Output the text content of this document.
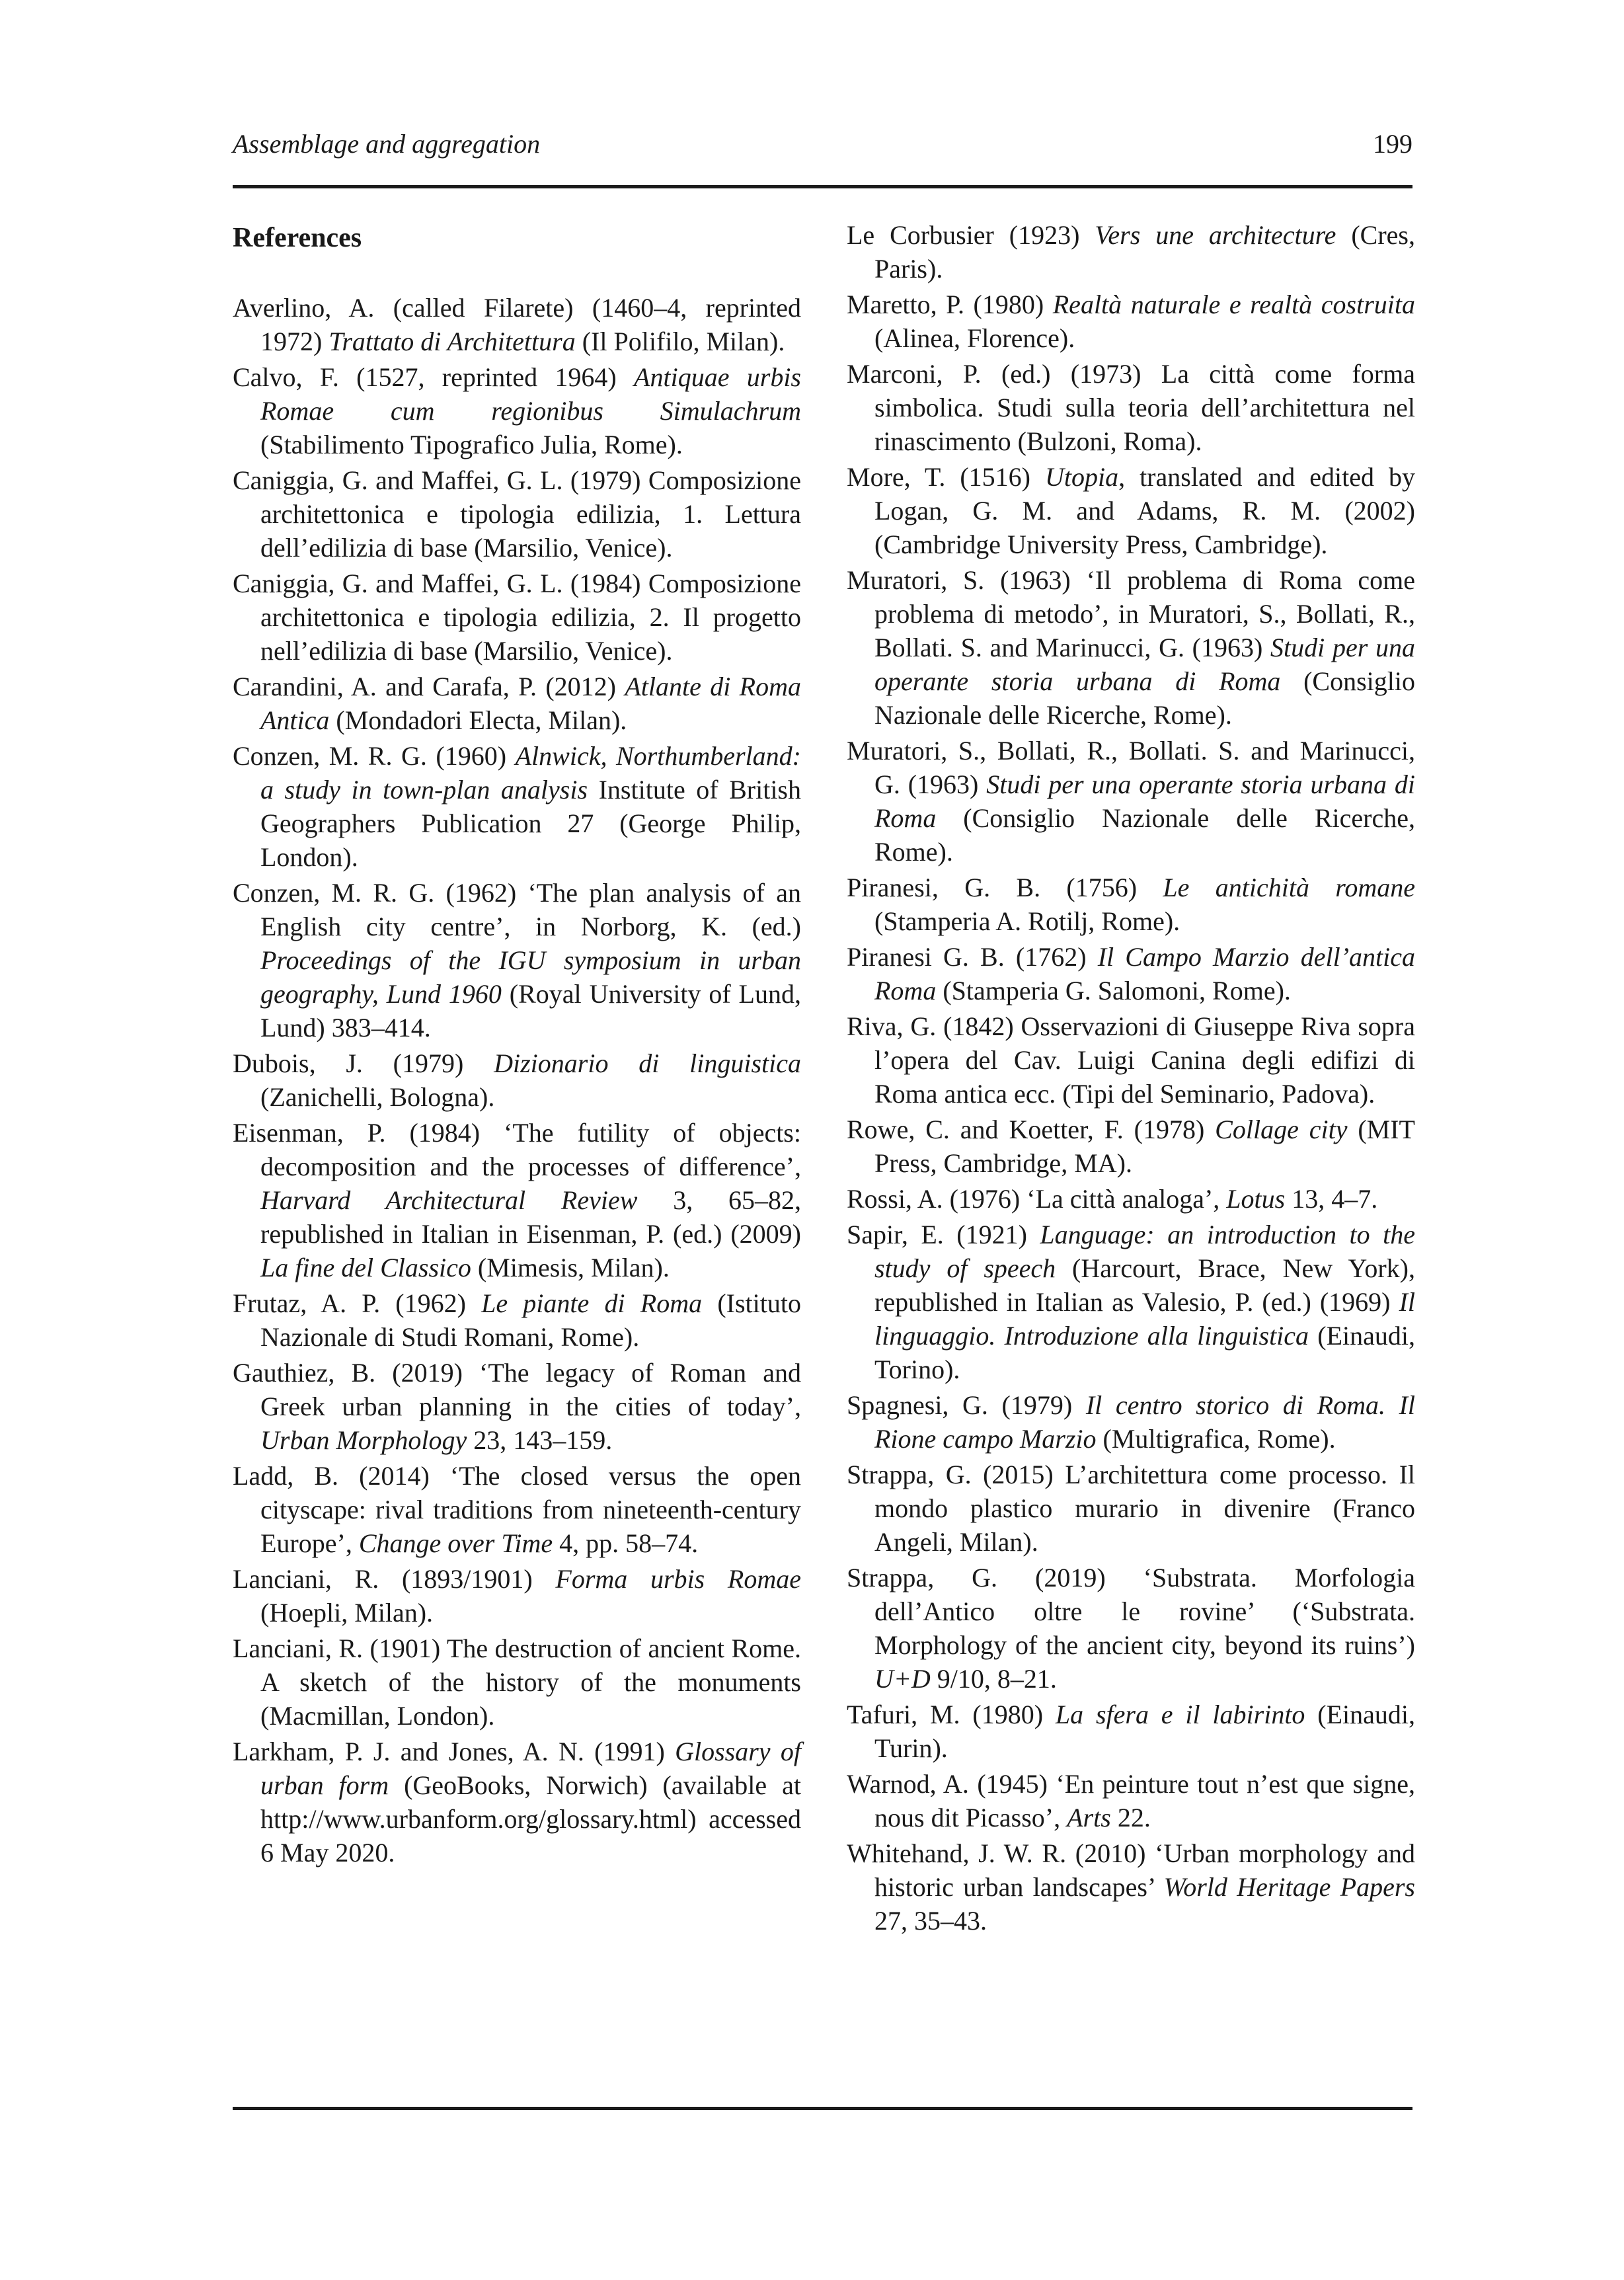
Assemblage and aggregation	199
References
Averlino, A. (called Filarete) (1460–4, reprinted 1972) Trattato di Architettura (Il Polifilo, Milan).
Calvo, F. (1527, reprinted 1964) Antiquae urbis Romae cum regionibus Simulachrum (Stabilimento Tipografico Julia, Rome).
Caniggia, G. and Maffei, G. L. (1979) Composizione architettonica e tipologia edilizia, 1. Lettura dell’edilizia di base (Marsilio, Venice).
Caniggia, G. and Maffei, G. L. (1984) Composizione architettonica e tipologia edilizia, 2. Il progetto nell’edilizia di base (Marsilio, Venice).
Carandini, A. and Carafa, P. (2012) Atlante di Roma Antica (Mondadori Electa, Milan).
Conzen, M. R. G. (1960) Alnwick, Northumberland: a study in town-plan analysis Institute of British Geographers Publication 27 (George Philip, London).
Conzen, M. R. G. (1962) ‘The plan analysis of an English city centre’, in Norborg, K. (ed.) Proceedings of the IGU symposium in urban geography, Lund 1960 (Royal University of Lund, Lund) 383–414.
Dubois, J. (1979) Dizionario di linguistica (Zanichelli, Bologna).
Eisenman, P. (1984) ‘The futility of objects: decomposition and the processes of difference’, Harvard Architectural Review 3, 65–82, republished in Italian in Eisenman, P. (ed.) (2009) La fine del Classico (Mimesis, Milan).
Frutaz, A. P. (1962) Le piante di Roma (Istituto Nazionale di Studi Romani, Rome).
Gauthiez, B. (2019) ‘The legacy of Roman and Greek urban planning in the cities of today’, Urban Morphology 23, 143–159.
Ladd, B. (2014) ‘The closed versus the open cityscape: rival traditions from nineteenth-century Europe’, Change over Time 4, pp. 58–74.
Lanciani, R. (1893/1901) Forma urbis Romae (Hoepli, Milan).
Lanciani, R. (1901) The destruction of ancient Rome. A sketch of the history of the monuments (Macmillan, London).
Larkham, P. J. and Jones, A. N. (1991) Glossary of urban form (GeoBooks, Norwich) (available at http://www.urbanform.org/glossary.html) accessed 6 May 2020.
Le Corbusier (1923) Vers une architecture (Cres, Paris).
Maretto, P. (1980) Realtà naturale e realtà costruita (Alinea, Florence).
Marconi, P. (ed.) (1973) La città come forma simbolica. Studi sulla teoria dell’architettura nel rinascimento (Bulzoni, Roma).
More, T. (1516) Utopia, translated and edited by Logan, G. M. and Adams, R. M. (2002) (Cambridge University Press, Cambridge).
Muratori, S. (1963) ‘Il problema di Roma come problema di metodo’, in Muratori, S., Bollati, R., Bollati. S. and Marinucci, G. (1963) Studi per una operante storia urbana di Roma (Consiglio Nazionale delle Ricerche, Rome).
Muratori, S., Bollati, R., Bollati. S. and Marinucci, G. (1963) Studi per una operante storia urbana di Roma (Consiglio Nazionale delle Ricerche, Rome).
Piranesi, G. B. (1756) Le antichità romane (Stamperia A. Rotilj, Rome).
Piranesi G. B. (1762) Il Campo Marzio dell’antica Roma (Stamperia G. Salomoni, Rome).
Riva, G. (1842) Osservazioni di Giuseppe Riva sopra l’opera del Cav. Luigi Canina degli edifizi di Roma antica ecc. (Tipi del Seminario, Padova).
Rowe, C. and Koetter, F. (1978) Collage city (MIT Press, Cambridge, MA).
Rossi, A. (1976) ‘La città analoga’, Lotus 13, 4–7.
Sapir, E. (1921) Language: an introduction to the study of speech (Harcourt, Brace, New York), republished in Italian as Valesio, P. (ed.) (1969) Il linguaggio. Introduzione alla linguistica (Einaudi, Torino).
Spagnesi, G. (1979) Il centro storico di Roma. Il Rione campo Marzio (Multigrafica, Rome).
Strappa, G. (2015) L’architettura come processo. Il mondo plastico murario in divenire (Franco Angeli, Milan).
Strappa, G. (2019) ‘Substrata. Morfologia dell’Antico oltre le rovine’ (‘Substrata. Morphology of the ancient city, beyond its ruins’) U+D 9/10, 8–21.
Tafuri, M. (1980) La sfera e il labirinto (Einaudi, Turin).
Warnod, A. (1945) ‘En peinture tout n’est que signe, nous dit Picasso’, Arts 22.
Whitehand, J. W. R. (2010) ‘Urban morphology and historic urban landscapes’ World Heritage Papers 27, 35–43.
